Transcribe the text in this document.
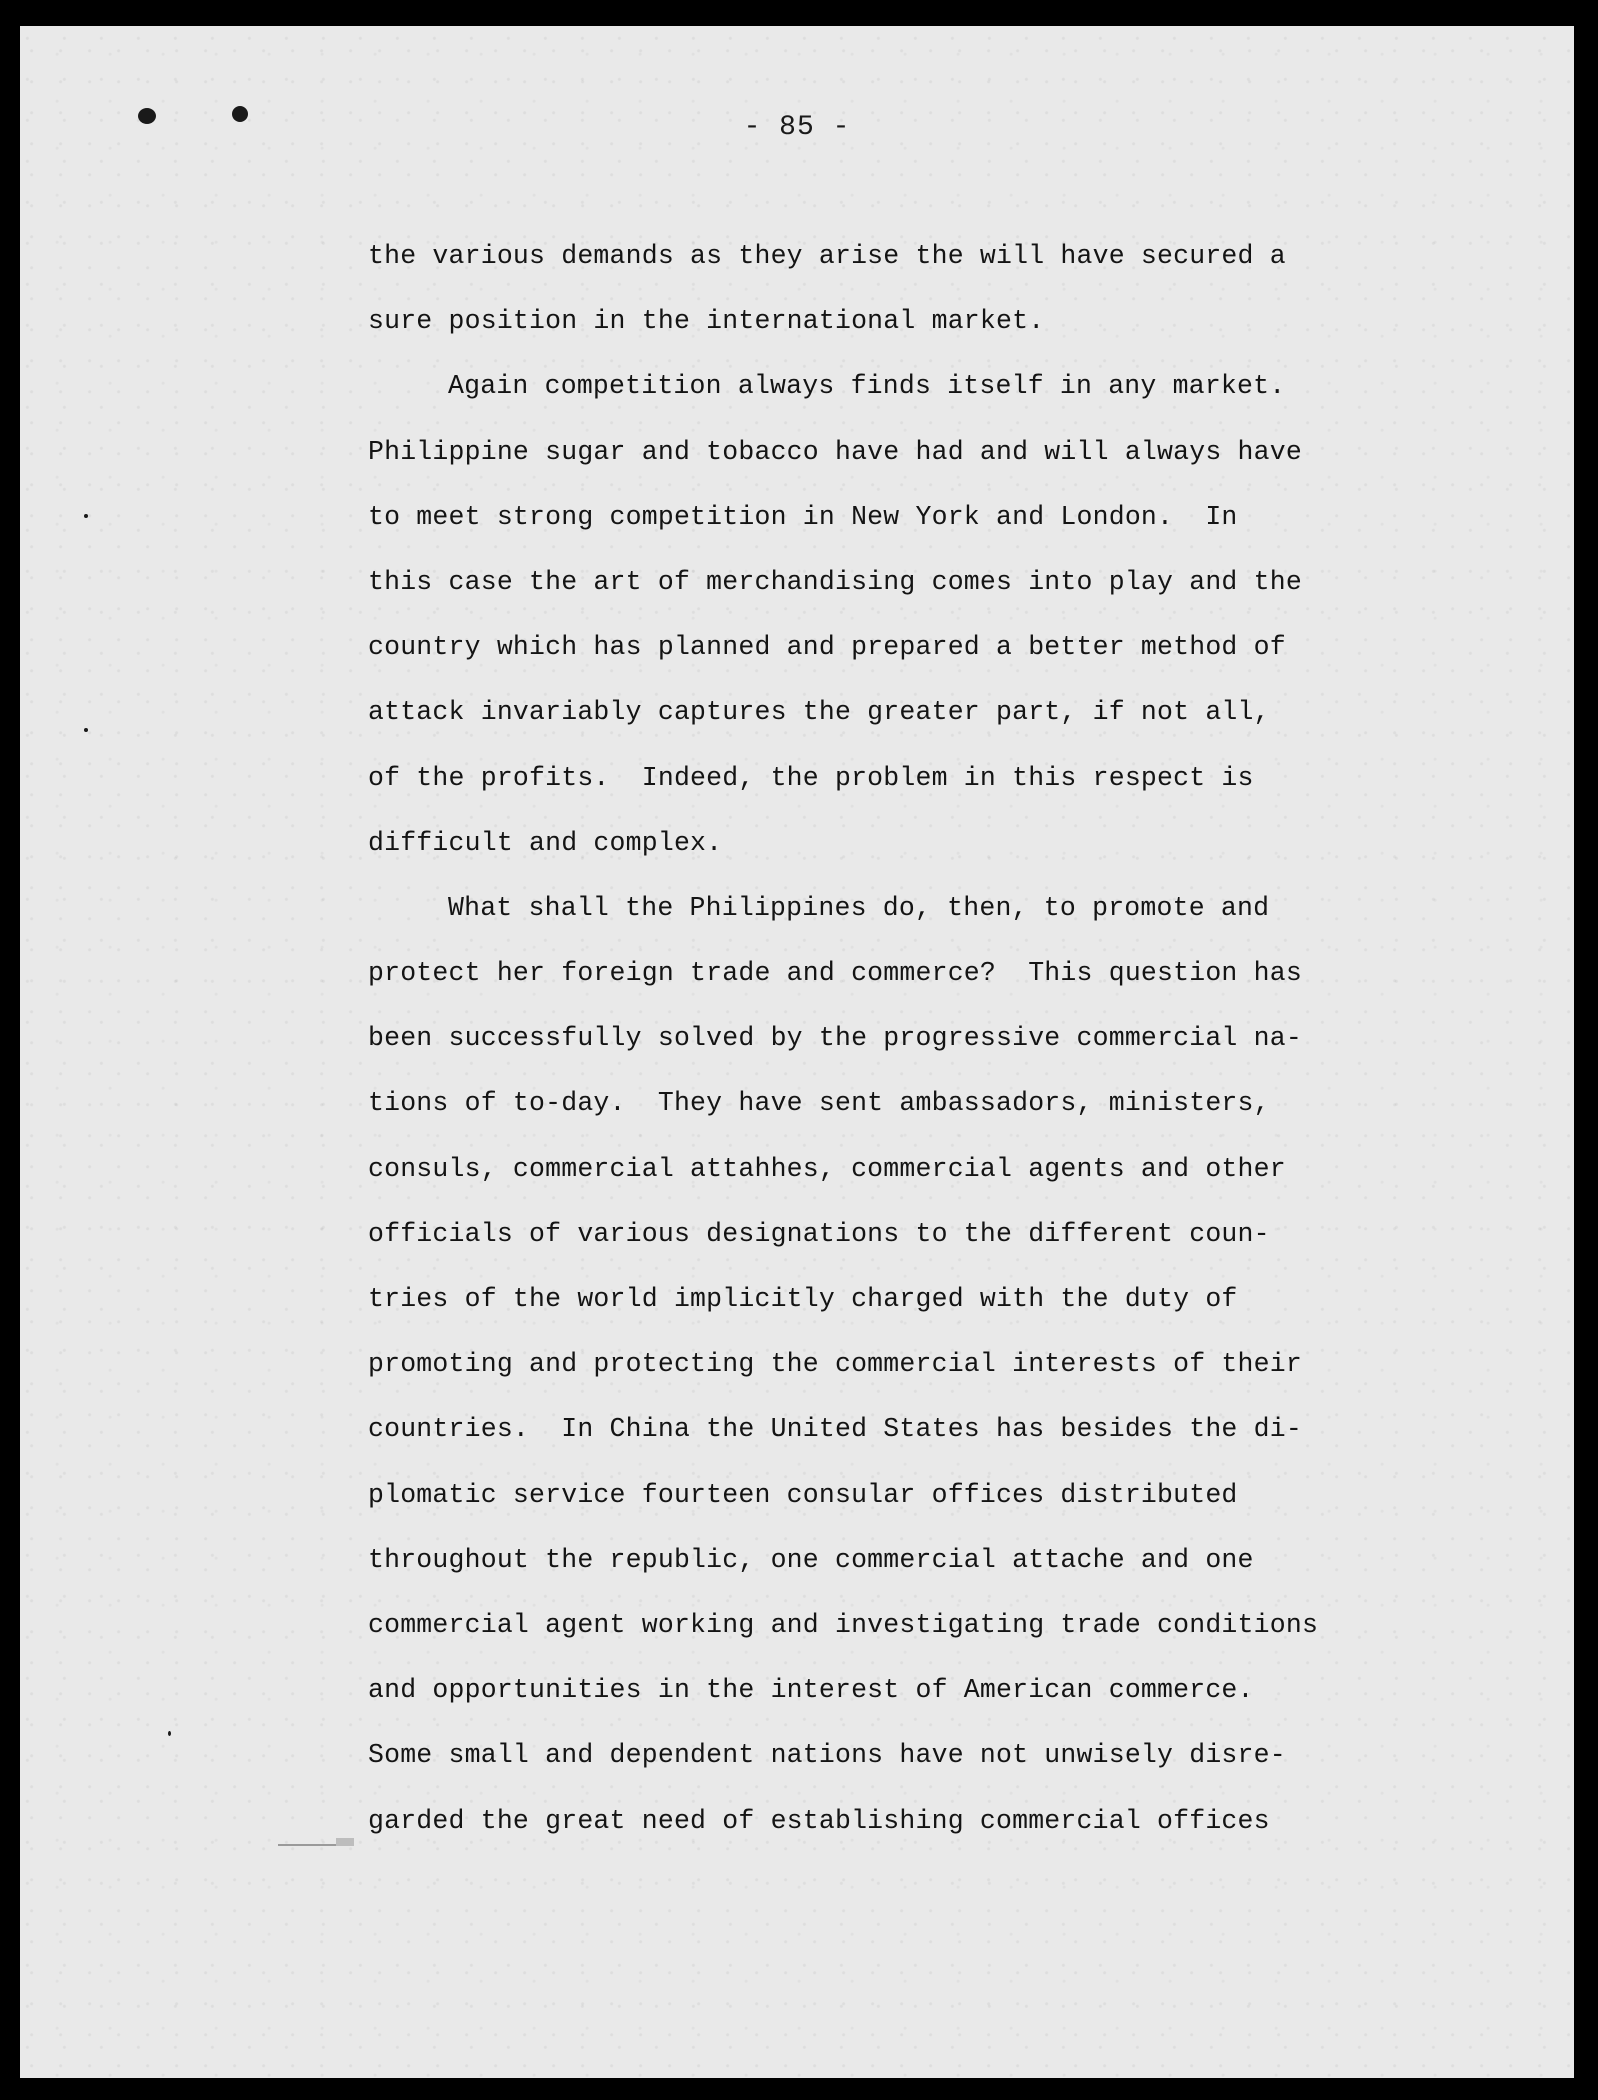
- 85 -
the various demands as they arise the will have secured a
sure position in the international market.
Again competition always finds itself in any market.
Philippine sugar and tobacco have had and will always have
to meet strong competition in New York and London.  In
this case the art of merchandising comes into play and the
country which has planned and prepared a better method of
attack invariably captures the greater part, if not all,
of the profits.  Indeed, the problem in this respect is
difficult and complex.
What shall the Philippines do, then, to promote and
protect her foreign trade and commerce?  This question has
been successfully solved by the progressive commercial na-
tions of to-day.  They have sent ambassadors, ministers,
consuls, commercial attahhes, commercial agents and other
officials of various designations to the different coun-
tries of the world implicitly charged with the duty of
promoting and protecting the commercial interests of their
countries.  In China the United States has besides the di-
plomatic service fourteen consular offices distributed
throughout the republic, one commercial attache and one
commercial agent working and investigating trade conditions
and opportunities in the interest of American commerce.
Some small and dependent nations have not unwisely disre-
garded the great need of establishing commercial offices
